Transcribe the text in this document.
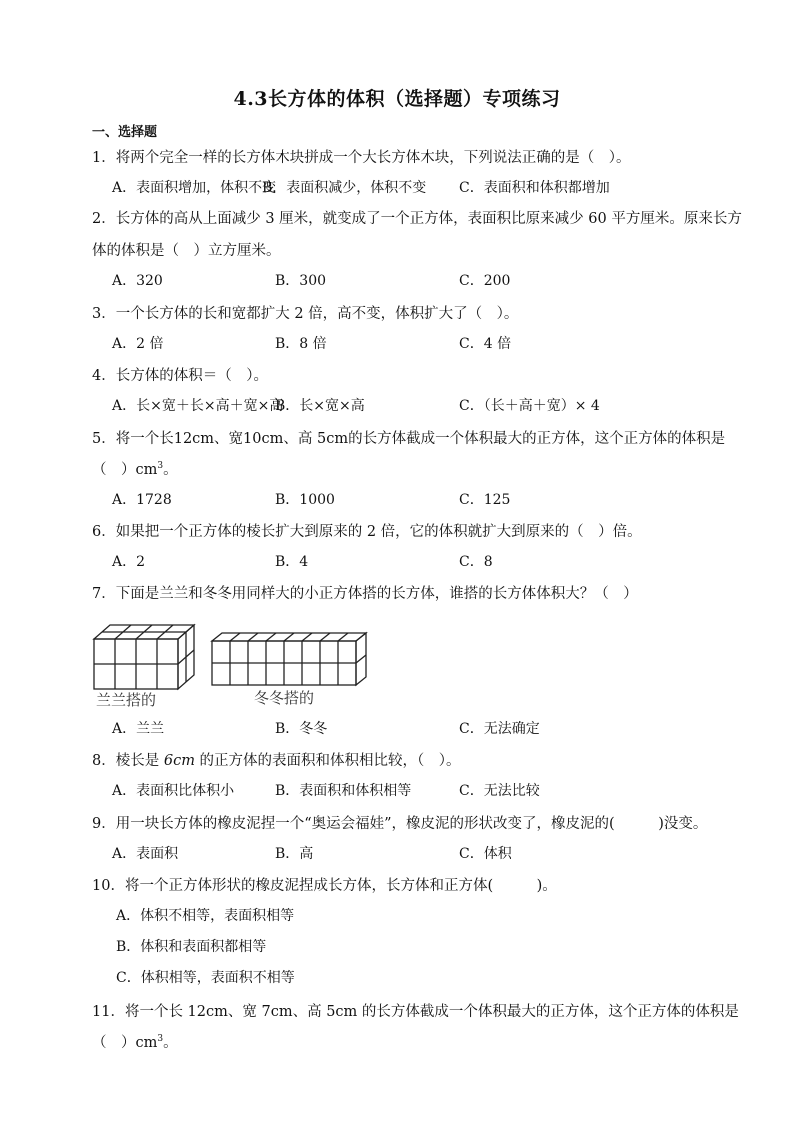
4.3长方体的体积（选择题）专项练习
一、选择题
1．将两个完全一样的长方体木块拼成一个大长方体木块，下列说法正确的是（　）。
A．表面积增加，体积不变
B．表面积减少，体积不变 C．表面积和体积都增加
2．长方体的高从上面减少 3 厘米，就变成了一个正方体，表面积比原来减少 60 平方厘米。原来长方
体的体积是（　）立方厘米。
A．320	B．300	C．200
3．一个长方体的长和宽都扩大 2 倍，高不变，体积扩大了（　）。
A．2 倍	B．8 倍	C．4 倍
4．长方体的体积＝（　）。
A．长×宽＋长×高＋宽×高
B．长×宽×高	C．（长＋高＋宽）× 4
5．将一个长12cm、宽10cm、高 5cm的长方体截成一个体积最大的正方体，这个正方体的体积是
（　）$cm^3$。
A．1728	B．1000	C．125
6．如果把一个正方体的棱长扩大到原来的 2 倍，它的体积就扩大到原来的（　）倍。
A．2	B．4	C．8
7．下面是兰兰和冬冬用同样大的小正方体搭的长方体，谁搭的长方体体积大？（　）
兰兰搭的	冬冬搭的
A．兰兰	B．冬冬	C．无法确定
8．棱长是 6cm 的正方体的表面积和体积相比较，（　）。
A．表面积比体积小	B．表面积和体积相等	C．无法比较
9．用一块长方体的橡皮泥捏一个“奥运会福娃”，橡皮泥的形状改变了，橡皮泥的(　　　)没变。
A．表面积	B．高	C．体积
10．将一个正方体形状的橡皮泥捏成长方体，长方体和正方体(　　　)。
A．体积不相等，表面积相等
B．体积和表面积都相等
C．体积相等，表面积不相等
11．将一个长 12cm、宽 7cm、高 5cm 的长方体截成一个体积最大的正方体，这个正方体的体积是
（　）$cm^3$。
